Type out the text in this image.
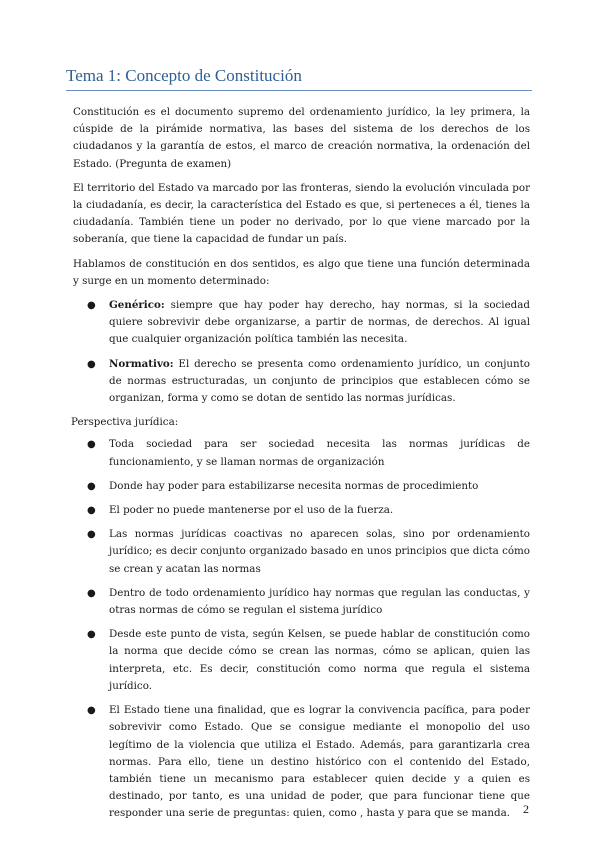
Tema 1: Concepto de Constitución

Constitución es el documento supremo del ordenamiento jurídico, la ley primera, la cúspide de la pirámide normativa, las bases del sistema de los derechos de los ciudadanos y la garantía de estos, el marco de creación normativa, la ordenación del Estado. (Pregunta de examen)

El territorio del Estado va marcado por las fronteras, siendo la evolución vinculada por la ciudadanía, es decir, la característica del Estado es que, si perteneces a él, tienes la ciudadanía. También tiene un poder no derivado, por lo que viene marcado por la soberanía, que tiene la capacidad de fundar un país.

Hablamos de constitución en dos sentidos, es algo que tiene una función determinada y surge en un momento determinado:

● Genérico: siempre que hay poder hay derecho, hay normas, si la sociedad quiere sobrevivir debe organizarse, a partir de normas, de derechos. Al igual que cualquier organización política también las necesita.
● Normativo: El derecho se presenta como ordenamiento jurídico, un conjunto de normas estructuradas, un conjunto de principios que establecen cómo se organizan, forma y como se dotan de sentido las normas jurídicas.

Perspectiva jurídica:

● Toda sociedad para ser sociedad necesita las normas jurídicas de funcionamiento, y se llaman normas de organización
● Donde hay poder para estabilizarse necesita normas de procedimiento
● El poder no puede mantenerse por el uso de la fuerza.
● Las normas jurídicas coactivas no aparecen solas, sino por ordenamiento jurídico; es decir conjunto organizado basado en unos principios que dicta cómo se crean y acatan las normas
● Dentro de todo ordenamiento jurídico hay normas que regulan las conductas, y otras normas de cómo se regulan el sistema jurídico
● Desde este punto de vista, según Kelsen, se puede hablar de constitución como la norma que decide cómo se crean las normas, cómo se aplican, quien las interpreta, etc. Es decir, constitución como norma que regula el sistema jurídico.
● El Estado tiene una finalidad, que es lograr la convivencia pacífica, para poder sobrevivir como Estado. Que se consigue mediante el monopolio del uso legítimo de la violencia que utiliza el Estado. Además, para garantizarla crea normas. Para ello, tiene un destino histórico con el contenido del Estado, también tiene un mecanismo para establecer quien decide y a quien es destinado, por tanto, es una unidad de poder, que para funcionar tiene que responder una serie de preguntas: quien, como , hasta y para que se manda.	2
